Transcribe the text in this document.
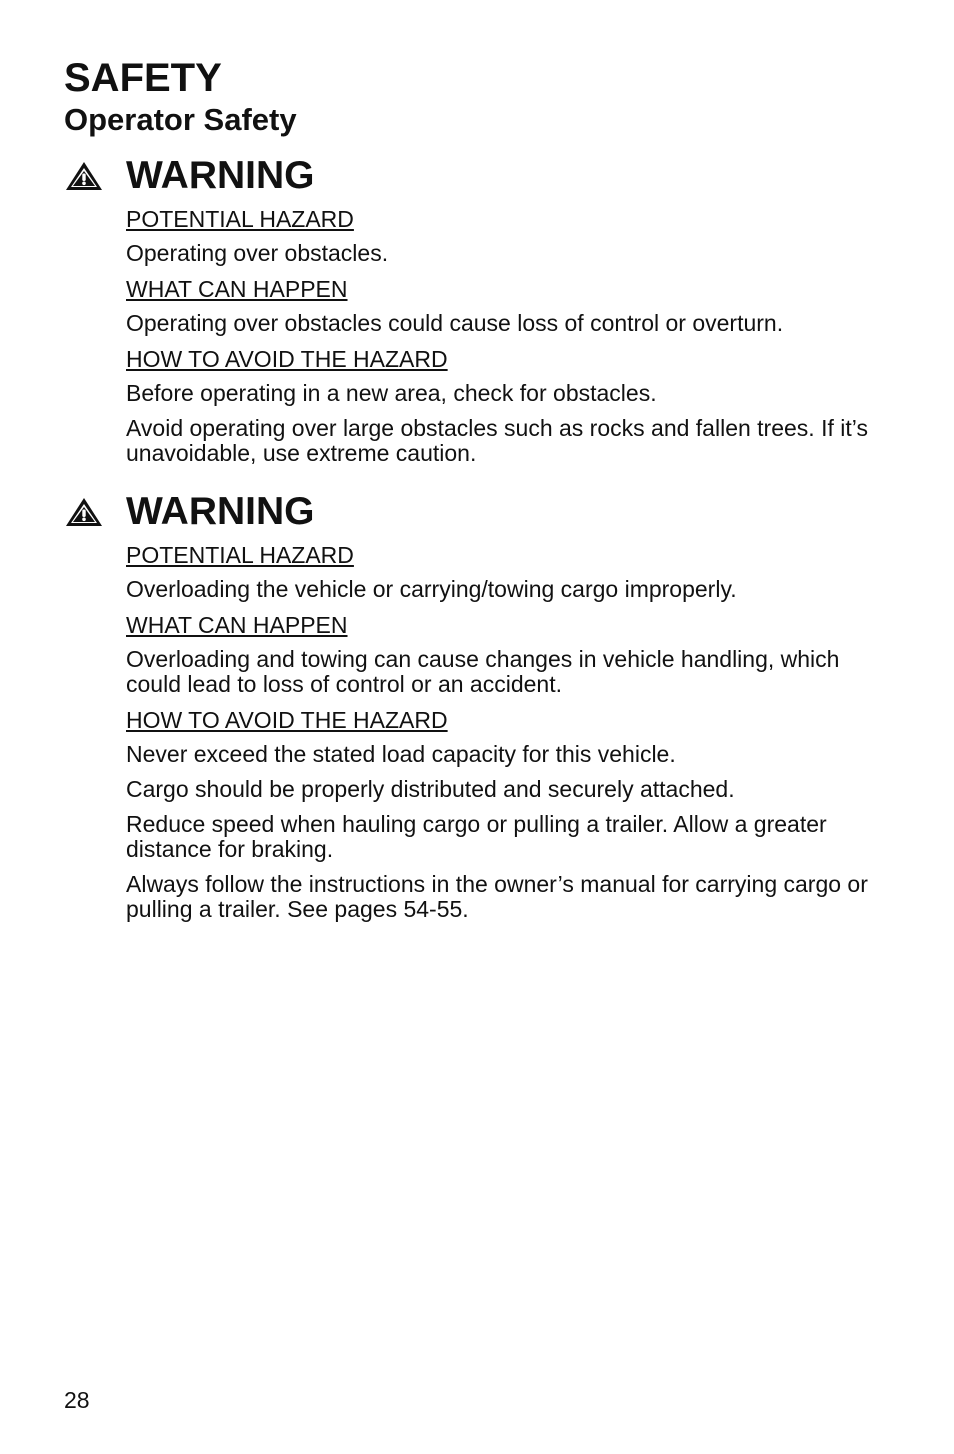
SAFETY
Operator Safety
WARNING

POTENTIAL HAZARD

Operating over obstacles.

WHAT CAN HAPPEN

Operating over obstacles could cause loss of control or overturn.

HOW TO AVOID THE HAZARD

Before operating in a new area, check for obstacles.

Avoid operating over large obstacles such as rocks and fallen trees. If it’s unavoidable, use extreme caution.

WARNING

POTENTIAL HAZARD

Overloading the vehicle or carrying/towing cargo improperly.

WHAT CAN HAPPEN

Overloading and towing can cause changes in vehicle handling, which could lead to loss of control or an accident.

HOW TO AVOID THE HAZARD

Never exceed the stated load capacity for this vehicle.

Cargo should be properly distributed and securely attached.

Reduce speed when hauling cargo or pulling a trailer. Allow a greater distance for braking.

Always follow the instructions in the owner’s manual for carrying cargo or pulling a trailer. See pages 54-55.

28
